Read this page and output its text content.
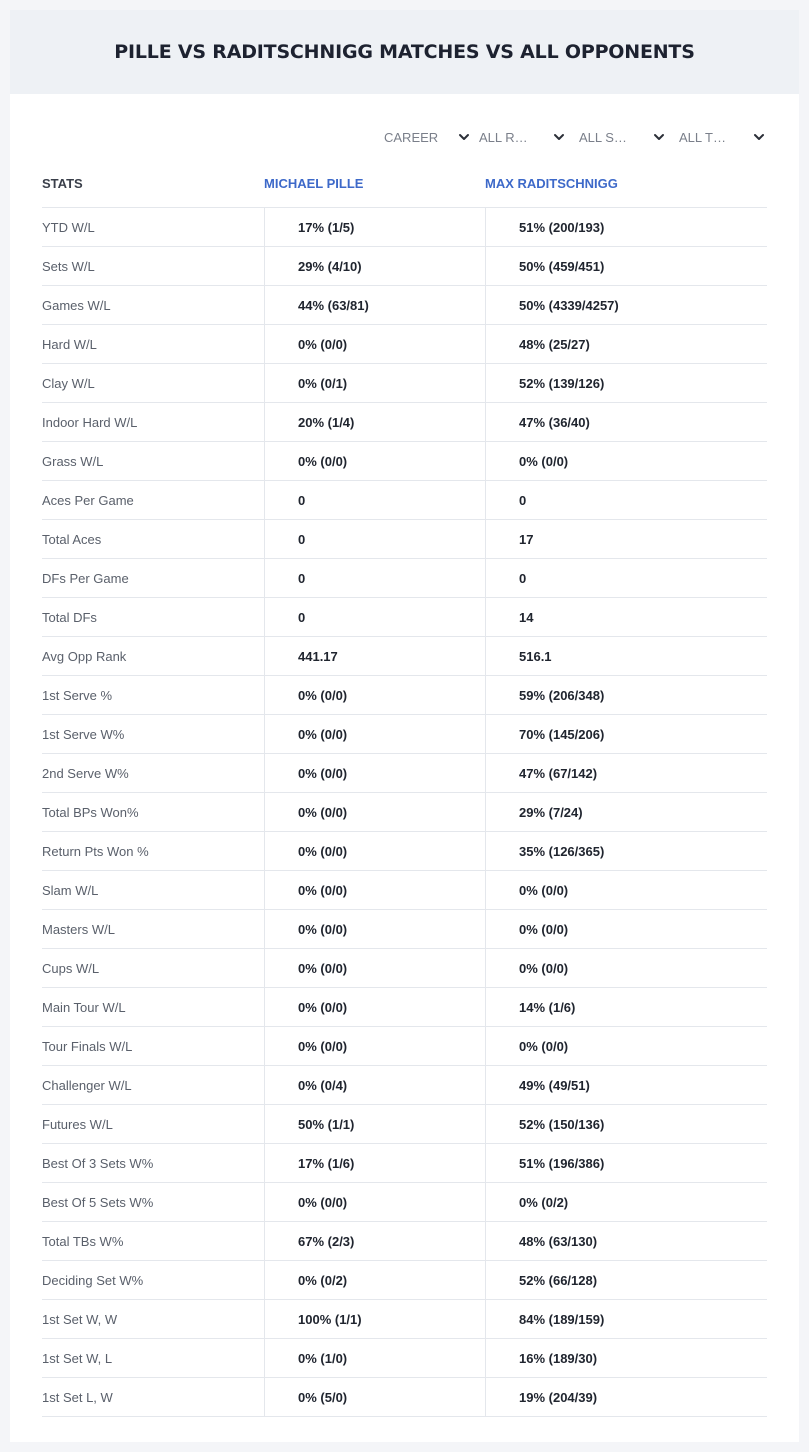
PILLE VS RADITSCHNIGG MATCHES VS ALL OPPONENTS
CAREER	ALL R…	ALL S…	ALL T…
STATS	MICHAEL PILLE	MAX RADITSCHNIGG
YTD W/L	17% (1/5)	51% (200/193)
Sets W/L	29% (4/10)	50% (459/451)
Games W/L	44% (63/81)	50% (4339/4257)
Hard W/L	0% (0/0)	48% (25/27)
Clay W/L	0% (0/1)	52% (139/126)
Indoor Hard W/L	20% (1/4)	47% (36/40)
Grass W/L	0% (0/0)	0% (0/0)
Aces Per Game	0	0
Total Aces	0	17
DFs Per Game	0	0
Total DFs	0	14
Avg Opp Rank	441.17	516.1
1st Serve %	0% (0/0)	59% (206/348)
1st Serve W%	0% (0/0)	70% (145/206)
2nd Serve W%	0% (0/0)	47% (67/142)
Total BPs Won%	0% (0/0)	29% (7/24)
Return Pts Won %	0% (0/0)	35% (126/365)
Slam W/L	0% (0/0)	0% (0/0)
Masters W/L	0% (0/0)	0% (0/0)
Cups W/L	0% (0/0)	0% (0/0)
Main Tour W/L	0% (0/0)	14% (1/6)
Tour Finals W/L	0% (0/0)	0% (0/0)
Challenger W/L	0% (0/4)	49% (49/51)
Futures W/L	50% (1/1)	52% (150/136)
Best Of 3 Sets W%	17% (1/6)	51% (196/386)
Best Of 5 Sets W%	0% (0/0)	0% (0/2)
Total TBs W%	67% (2/3)	48% (63/130)
Deciding Set W%	0% (0/2)	52% (66/128)
1st Set W, W	100% (1/1)	84% (189/159)
1st Set W, L	0% (1/0)	16% (189/30)
1st Set L, W	0% (5/0)	19% (204/39)
